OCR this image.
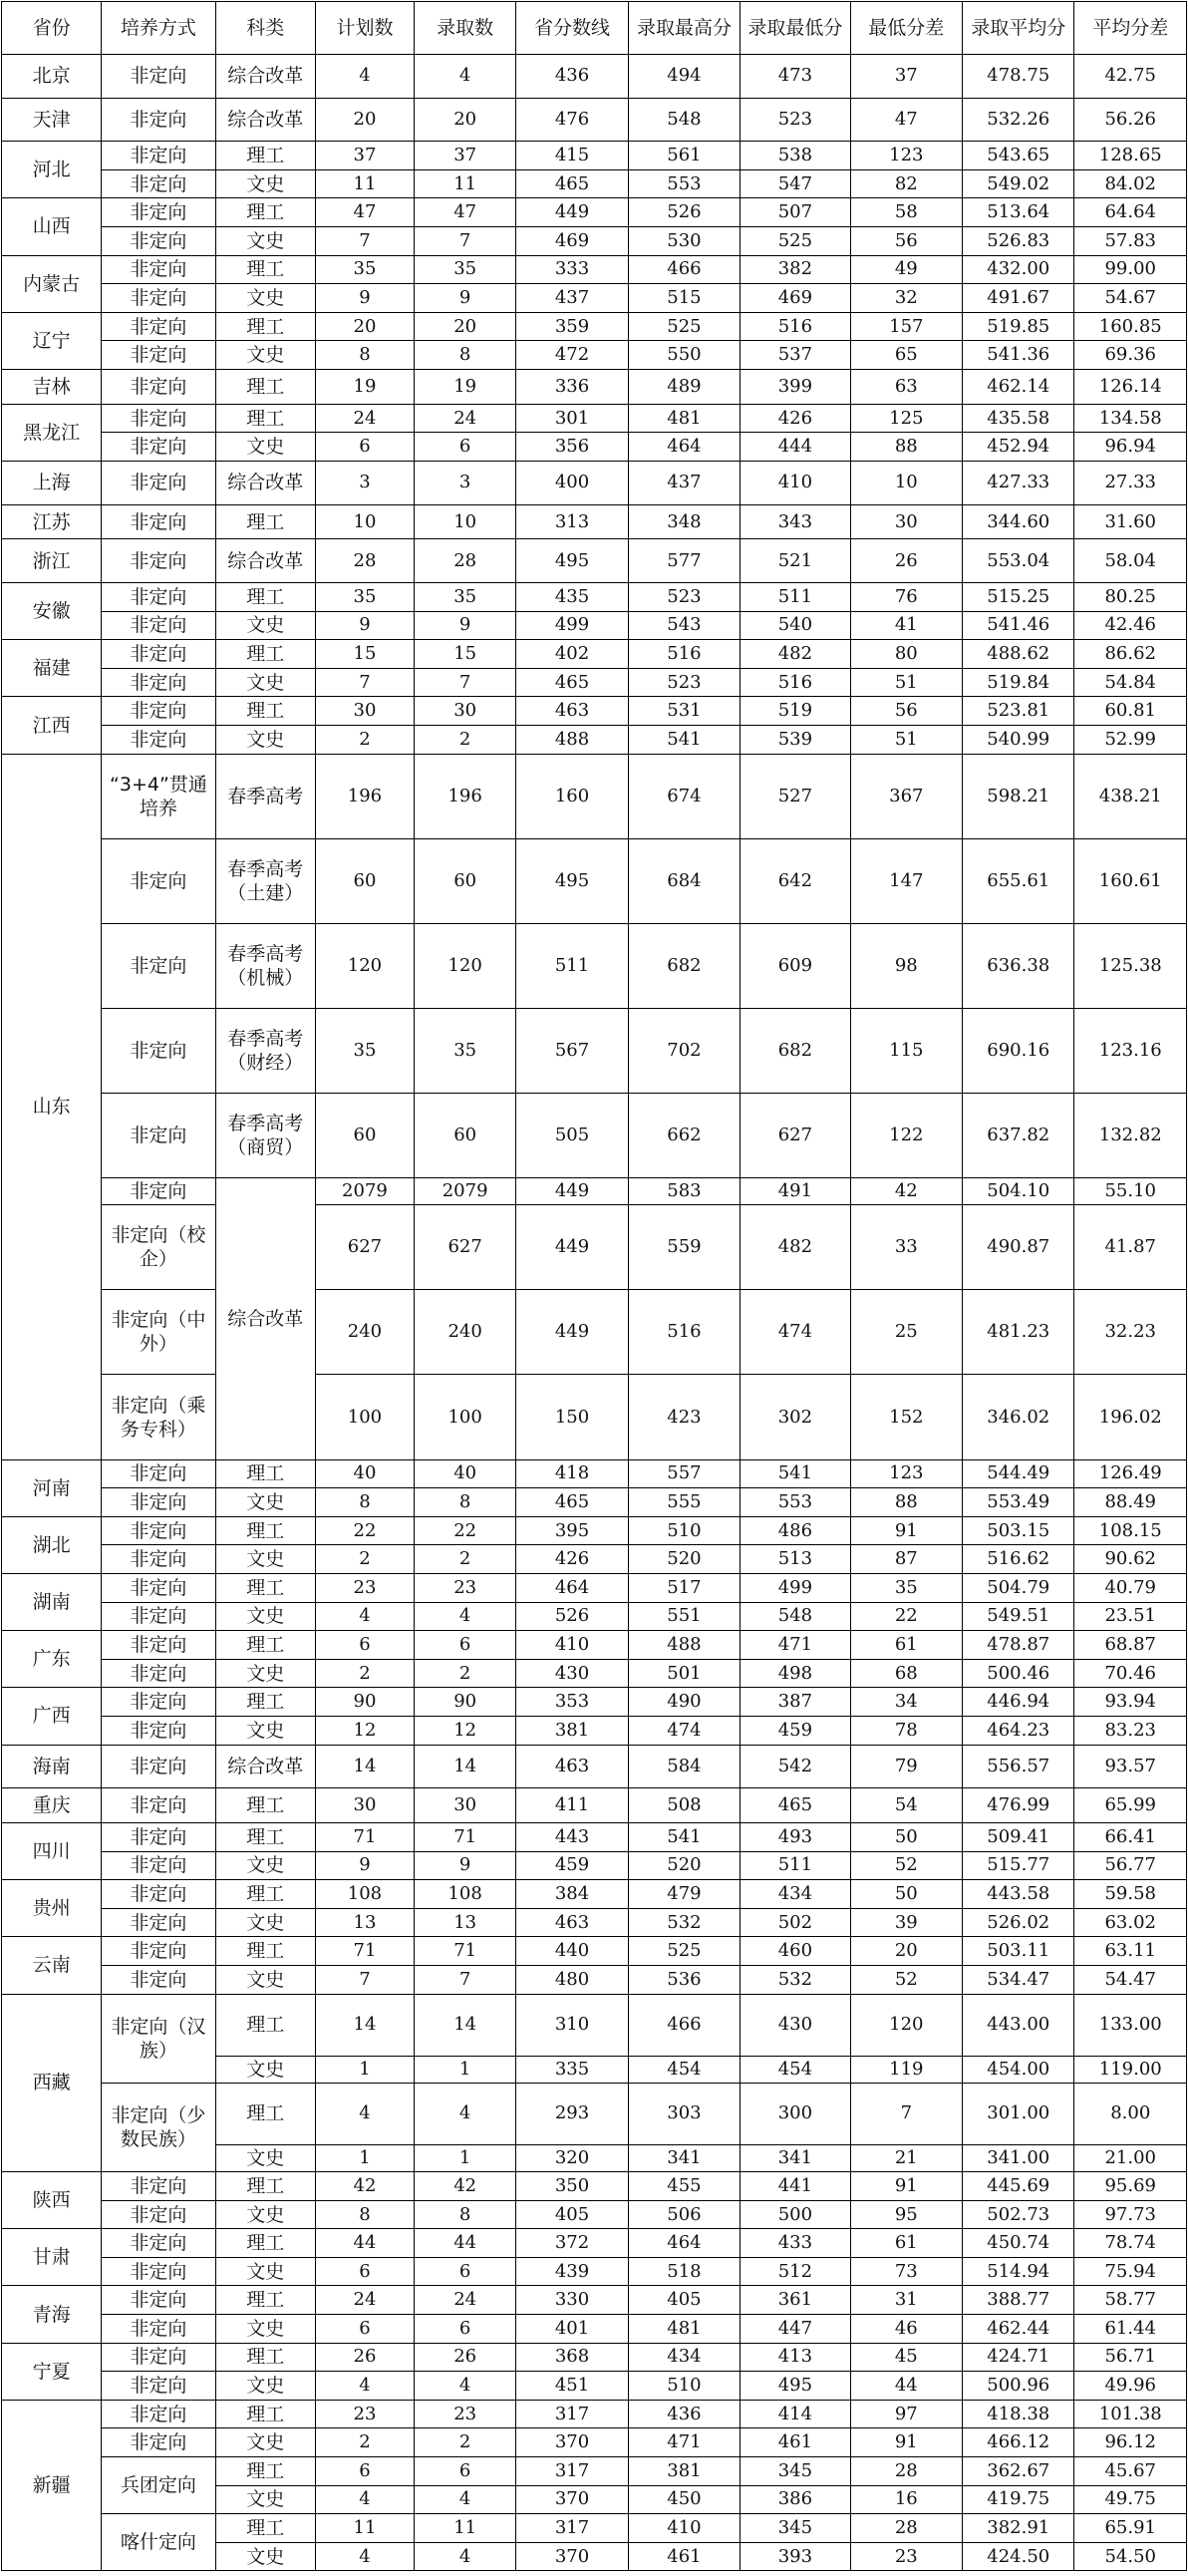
省份	培养方式	科类	计划数	录取数	省分数线	录取最高分	录取最低分	最低分差	录取平均分	平均分差
北京	非定向	综合改革	4	4	436	494	473	37	478.75	42.75
天津	非定向	综合改革	20	20	476	548	523	47	532.26	56.26
河北	非定向	理工	37	37	415	561	538	123	543.65	128.65
	非定向	文史	11	11	465	553	547	82	549.02	84.02
山西	非定向	理工	47	47	449	526	507	58	513.64	64.64
	非定向	文史	7	7	469	530	525	56	526.83	57.83
内蒙古	非定向	理工	35	35	333	466	382	49	432.00	99.00
	非定向	文史	9	9	437	515	469	32	491.67	54.67
辽宁	非定向	理工	20	20	359	525	516	157	519.85	160.85
	非定向	文史	8	8	472	550	537	65	541.36	69.36
吉林	非定向	理工	19	19	336	489	399	63	462.14	126.14
黑龙江	非定向	理工	24	24	301	481	426	125	435.58	134.58
	非定向	文史	6	6	356	464	444	88	452.94	96.94
上海	非定向	综合改革	3	3	400	437	410	10	427.33	27.33
江苏	非定向	理工	10	10	313	348	343	30	344.60	31.60
浙江	非定向	综合改革	28	28	495	577	521	26	553.04	58.04
安徽	非定向	理工	35	35	435	523	511	76	515.25	80.25
	非定向	文史	9	9	499	543	540	41	541.46	42.46
福建	非定向	理工	15	15	402	516	482	80	488.62	86.62
	非定向	文史	7	7	465	523	516	51	519.84	54.84
江西	非定向	理工	30	30	463	531	519	56	523.81	60.81
	非定向	文史	2	2	488	541	539	51	540.99	52.99
山东	“3+4”贯通培养	春季高考	196	196	160	674	527	367	598.21	438.21
	非定向	春季高考（土建）	60	60	495	684	642	147	655.61	160.61
	非定向	春季高考（机械）	120	120	511	682	609	98	636.38	125.38
	非定向	春季高考（财经）	35	35	567	702	682	115	690.16	123.16
	非定向	春季高考（商贸）	60	60	505	662	627	122	637.82	132.82
	非定向	综合改革	2079	2079	449	583	491	42	504.10	55.10
	非定向（校企）		627	627	449	559	482	33	490.87	41.87
	非定向（中外）		240	240	449	516	474	25	481.23	32.23
	非定向（乘务专科）		100	100	150	423	302	152	346.02	196.02
河南	非定向	理工	40	40	418	557	541	123	544.49	126.49
	非定向	文史	8	8	465	555	553	88	553.49	88.49
湖北	非定向	理工	22	22	395	510	486	91	503.15	108.15
	非定向	文史	2	2	426	520	513	87	516.62	90.62
湖南	非定向	理工	23	23	464	517	499	35	504.79	40.79
	非定向	文史	4	4	526	551	548	22	549.51	23.51
广东	非定向	理工	6	6	410	488	471	61	478.87	68.87
	非定向	文史	2	2	430	501	498	68	500.46	70.46
广西	非定向	理工	90	90	353	490	387	34	446.94	93.94
	非定向	文史	12	12	381	474	459	78	464.23	83.23
海南	非定向	综合改革	14	14	463	584	542	79	556.57	93.57
重庆	非定向	理工	30	30	411	508	465	54	476.99	65.99
四川	非定向	理工	71	71	443	541	493	50	509.41	66.41
	非定向	文史	9	9	459	520	511	52	515.77	56.77
贵州	非定向	理工	108	108	384	479	434	50	443.58	59.58
	非定向	文史	13	13	463	532	502	39	526.02	63.02
云南	非定向	理工	71	71	440	525	460	20	503.11	63.11
	非定向	文史	7	7	480	536	532	52	534.47	54.47
西藏	非定向（汉族）	理工	14	14	310	466	430	120	443.00	133.00
		文史	1	1	335	454	454	119	454.00	119.00
	非定向（少数民族）	理工	4	4	293	303	300	7	301.00	8.00
		文史	1	1	320	341	341	21	341.00	21.00
陕西	非定向	理工	42	42	350	455	441	91	445.69	95.69
	非定向	文史	8	8	405	506	500	95	502.73	97.73
甘肃	非定向	理工	44	44	372	464	433	61	450.74	78.74
	非定向	文史	6	6	439	518	512	73	514.94	75.94
青海	非定向	理工	24	24	330	405	361	31	388.77	58.77
	非定向	文史	6	6	401	481	447	46	462.44	61.44
宁夏	非定向	理工	26	26	368	434	413	45	424.71	56.71
	非定向	文史	4	4	451	510	495	44	500.96	49.96
新疆	非定向	理工	23	23	317	436	414	97	418.38	101.38
	非定向	文史	2	2	370	471	461	91	466.12	96.12
	兵团定向	理工	6	6	317	381	345	28	362.67	45.67
		文史	4	4	370	450	386	16	419.75	49.75
	喀什定向	理工	11	11	317	410	345	28	382.91	65.91
		文史	4	4	370	461	393	23	424.50	54.50
